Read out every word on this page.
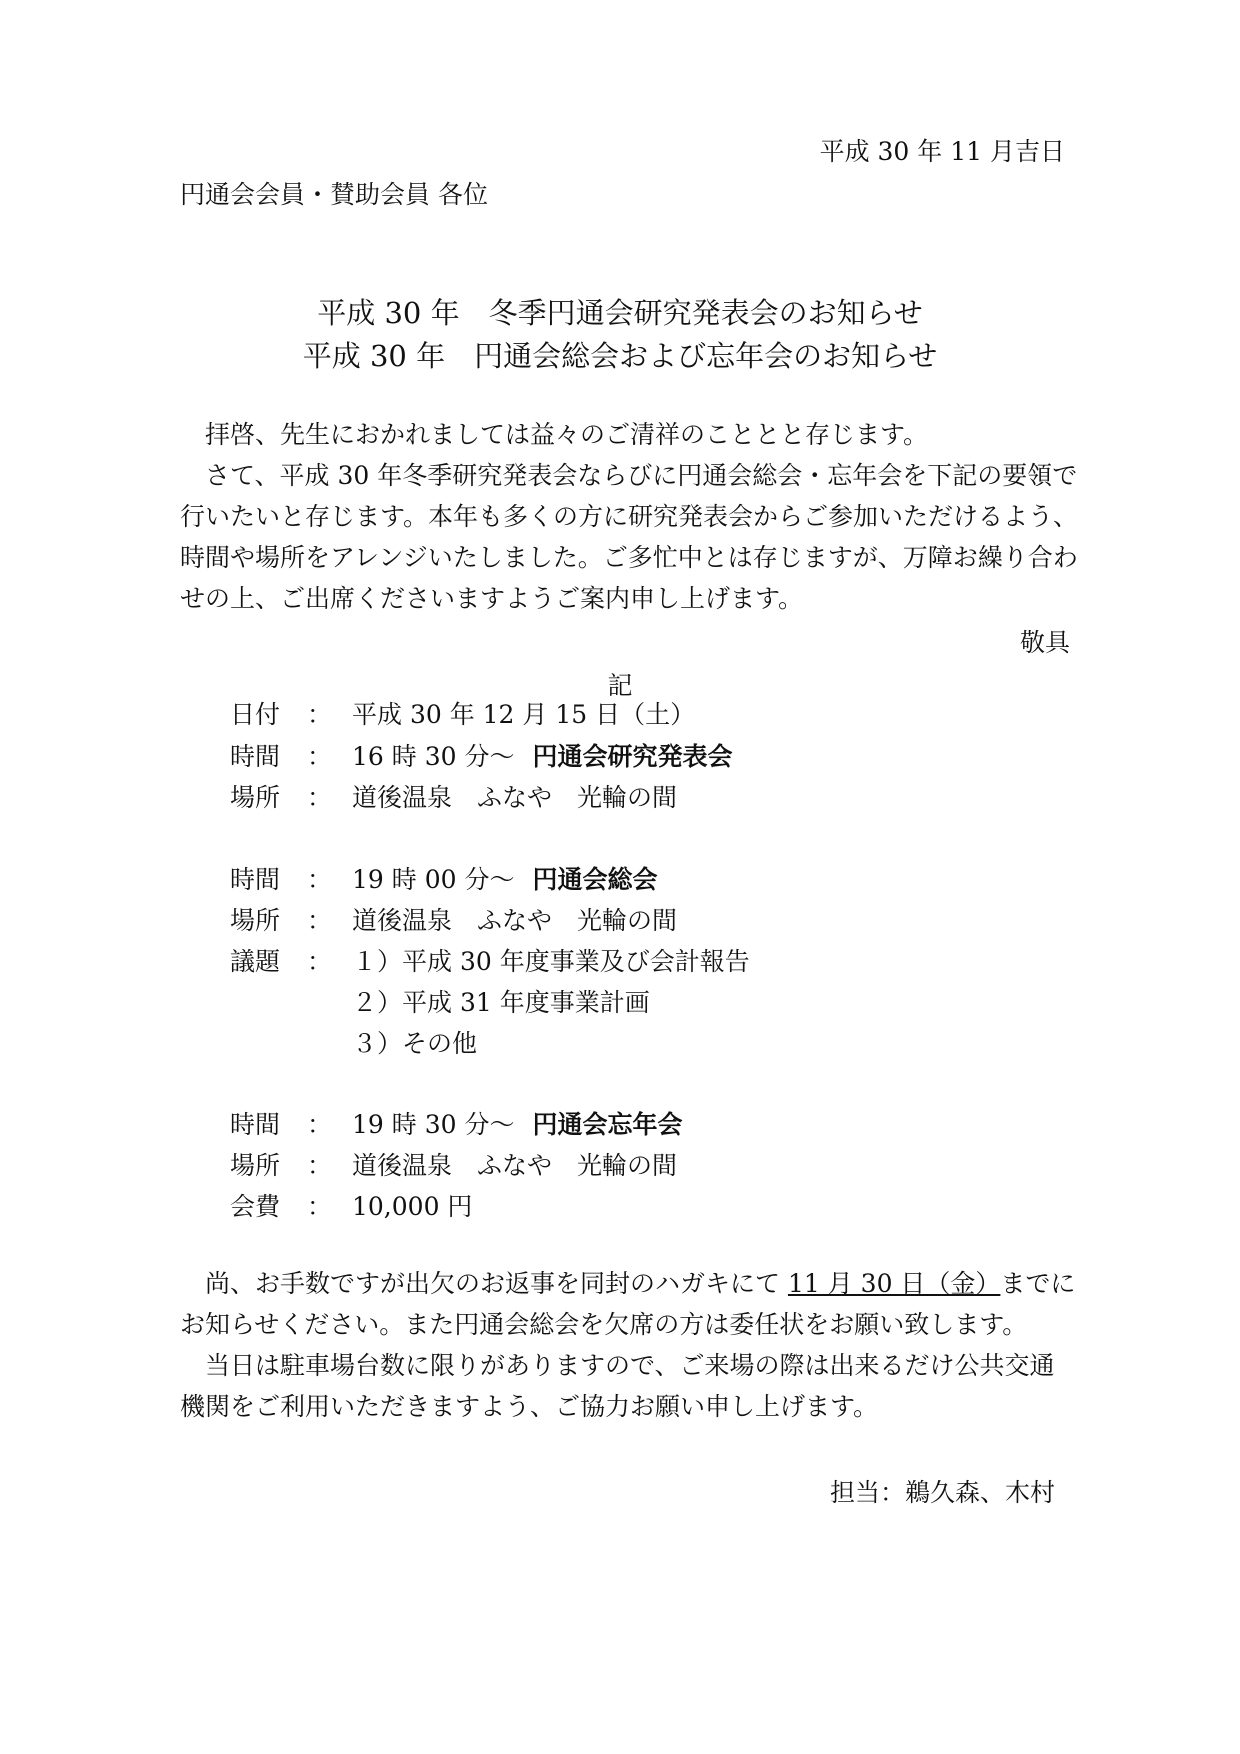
平成 30 年 11 月吉日
円通会会員・賛助会員 各位
平成 30 年　冬季円通会研究発表会のお知らせ
平成 30 年　円通会総会および忘年会のお知らせ
拝啓、先生におかれましては益々のご清祥のこととと存じます。
さて、平成 30 年冬季研究発表会ならびに円通会総会・忘年会を下記の要領で
行いたいと存じます。本年も多くの方に研究発表会からご参加いただけるよう、
時間や場所をアレンジいたしました。ご多忙中とは存じますが、万障お繰り合わ
せの上、ご出席くださいますようご案内申し上げます。
敬具
記
日付 ： 平成 30 年 12 月 15 日（土）
時間 ： 16 時 30 分～ 円通会研究発表会
場所 ： 道後温泉　ふなや　光輪の間
時間 ： 19 時 00 分～ 円通会総会
場所 ： 道後温泉　ふなや　光輪の間
議題 ： １）平成 30 年度事業及び会計報告
２）平成 31 年度事業計画
３）その他
時間 ： 19 時 30 分～ 円通会忘年会
場所 ： 道後温泉　ふなや　光輪の間
会費 ： 10,000 円
尚、お手数ですが出欠のお返事を同封のハガキにて 11 月 30 日（金）までに
お知らせください。また円通会総会を欠席の方は委任状をお願い致します。
当日は駐車場台数に限りがありますので、ご来場の際は出来るだけ公共交通
機関をご利用いただきますよう、ご協力お願い申し上げます。
担当：鵜久森、木村
